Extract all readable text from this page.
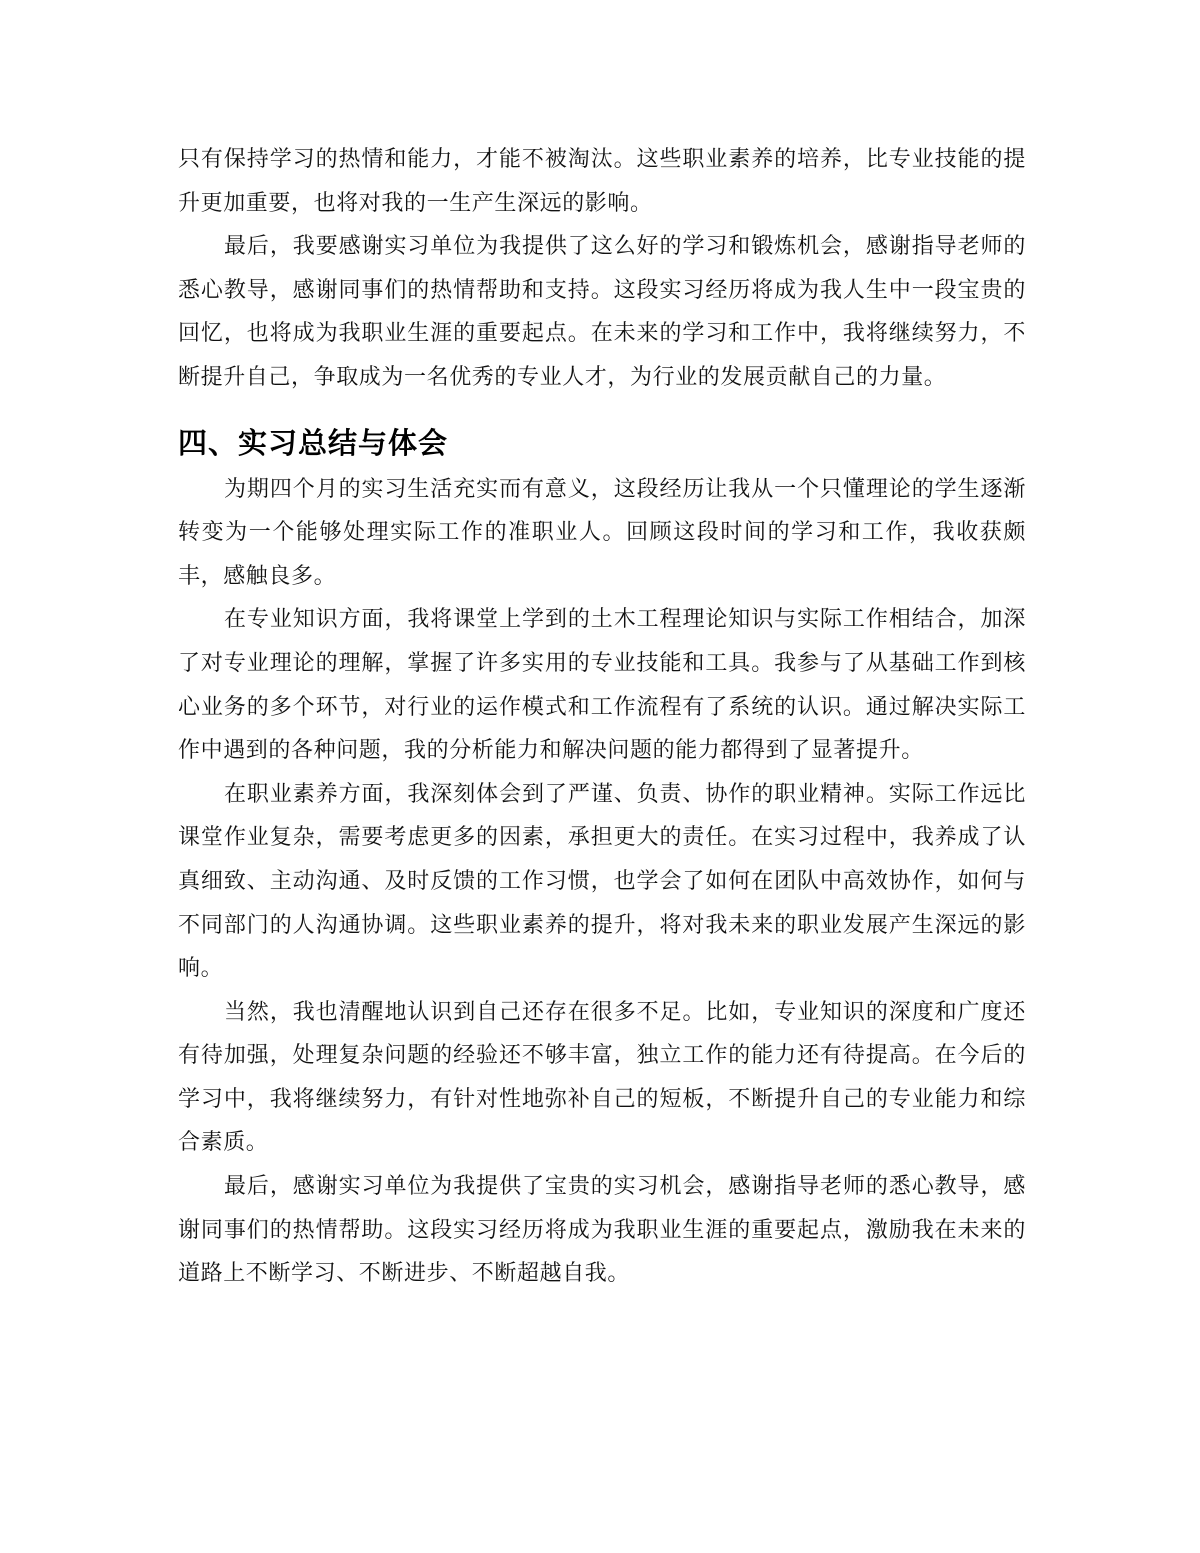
只有保持学习的热情和能力，才能不被淘汰。这些职业素养的培养，比专业技能的提升更加重要，也将对我的一生产生深远的影响。

最后，我要感谢实习单位为我提供了这么好的学习和锻炼机会，感谢指导老师的悉心教导，感谢同事们的热情帮助和支持。这段实习经历将成为我人生中一段宝贵的回忆，也将成为我职业生涯的重要起点。在未来的学习和工作中，我将继续努力，不断提升自己，争取成为一名优秀的专业人才，为行业的发展贡献自己的力量。

四、实习总结与体会

为期四个月的实习生活充实而有意义，这段经历让我从一个只懂理论的学生逐渐转变为一个能够处理实际工作的准职业人。回顾这段时间的学习和工作，我收获颇丰，感触良多。

在专业知识方面，我将课堂上学到的土木工程理论知识与实际工作相结合，加深了对专业理论的理解，掌握了许多实用的专业技能和工具。我参与了从基础工作到核心业务的多个环节，对行业的运作模式和工作流程有了系统的认识。通过解决实际工作中遇到的各种问题，我的分析能力和解决问题的能力都得到了显著提升。

在职业素养方面，我深刻体会到了严谨、负责、协作的职业精神。实际工作远比课堂作业复杂，需要考虑更多的因素，承担更大的责任。在实习过程中，我养成了认真细致、主动沟通、及时反馈的工作习惯，也学会了如何在团队中高效协作，如何与不同部门的人沟通协调。这些职业素养的提升，将对我未来的职业发展产生深远的影响。

当然，我也清醒地认识到自己还存在很多不足。比如，专业知识的深度和广度还有待加强，处理复杂问题的经验还不够丰富，独立工作的能力还有待提高。在今后的学习中，我将继续努力，有针对性地弥补自己的短板，不断提升自己的专业能力和综合素质。

最后，感谢实习单位为我提供了宝贵的实习机会，感谢指导老师的悉心教导，感谢同事们的热情帮助。这段实习经历将成为我职业生涯的重要起点，激励我在未来的道路上不断学习、不断进步、不断超越自我。
